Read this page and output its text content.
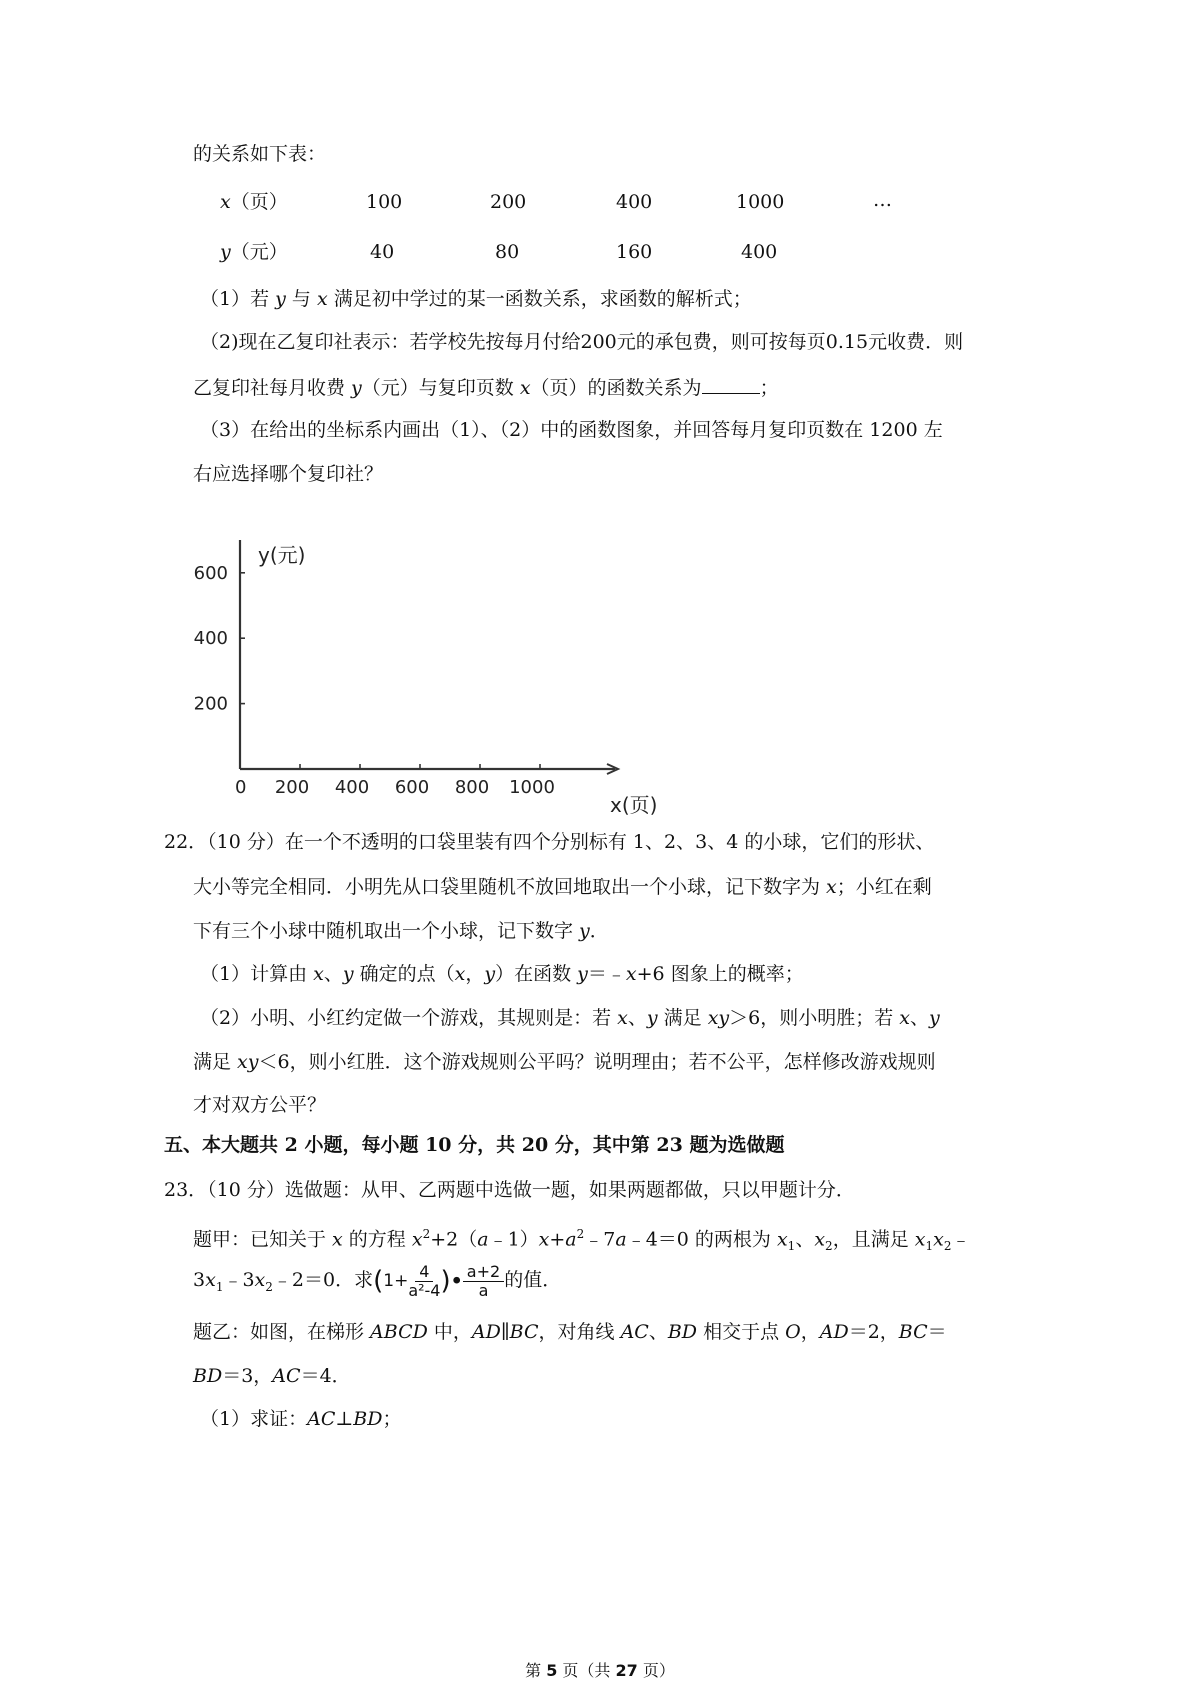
的关系如下表：
x（页）	100	200	400	1000	…
y（元）	40	80	160	400
（1）若 y 与 x 满足初中学过的某一函数关系，求函数的解析式；
（2)现在乙复印社表示：若学校先按每月付给200元的承包费，则可按每页0.15元收费．则
乙复印社每月收费 y（元）与复印页数 x（页）的函数关系为	；
（3）在给出的坐标系内画出（1）、（2）中的函数图象，并回答每月复印页数在 1200 左
右应选择哪个复印社？
0 200 400 600 800 1000
200
400
600
y(元)
x(页)
22．（10 分）在一个不透明的口袋里装有四个分别标有 1、2、3、4 的小球，它们的形状、
大小等完全相同．小明先从口袋里随机不放回地取出一个小球，记下数字为 x；小红在剩
下有三个小球中随机取出一个小球，记下数字 y．
（1）计算由 x、y 确定的点（x，y）在函数 y＝﹣x+6 图象上的概率；
（2）小明、小红约定做一个游戏，其规则是：若 x、y 满足 xy＞6，则小明胜；若 x、y
满足 xy＜6，则小红胜．这个游戏规则公平吗？说明理由；若不公平，怎样修改游戏规则
才对双方公平？
五、本大题共 2 小题，每小题 10 分，共 20 分，其中第 23 题为选做题
23．（10 分）选做题：从甲、乙两题中选做一题，如果两题都做，只以甲题计分．
题甲：已知关于 x 的方程 $x^2+2(a﹣1)x+a^2﹣7a﹣4=0$ 的两根为 $x_1$、$x_2$，且满足 $x_1x_2﹣$
$3x_1﹣3x_2﹣2=0$．求($1+ \frac{4}{\text{a²-4}}$ )• $\frac{a+2}{a}$ 的值．
题乙：如图，在梯形 ABCD 中，AD∥BC，对角线 AC、BD 相交于点 O，AD＝2，BC＝
BD＝3，AC＝4．
（1）求证：AC⊥BD；
第 5 页（共 27 页）
